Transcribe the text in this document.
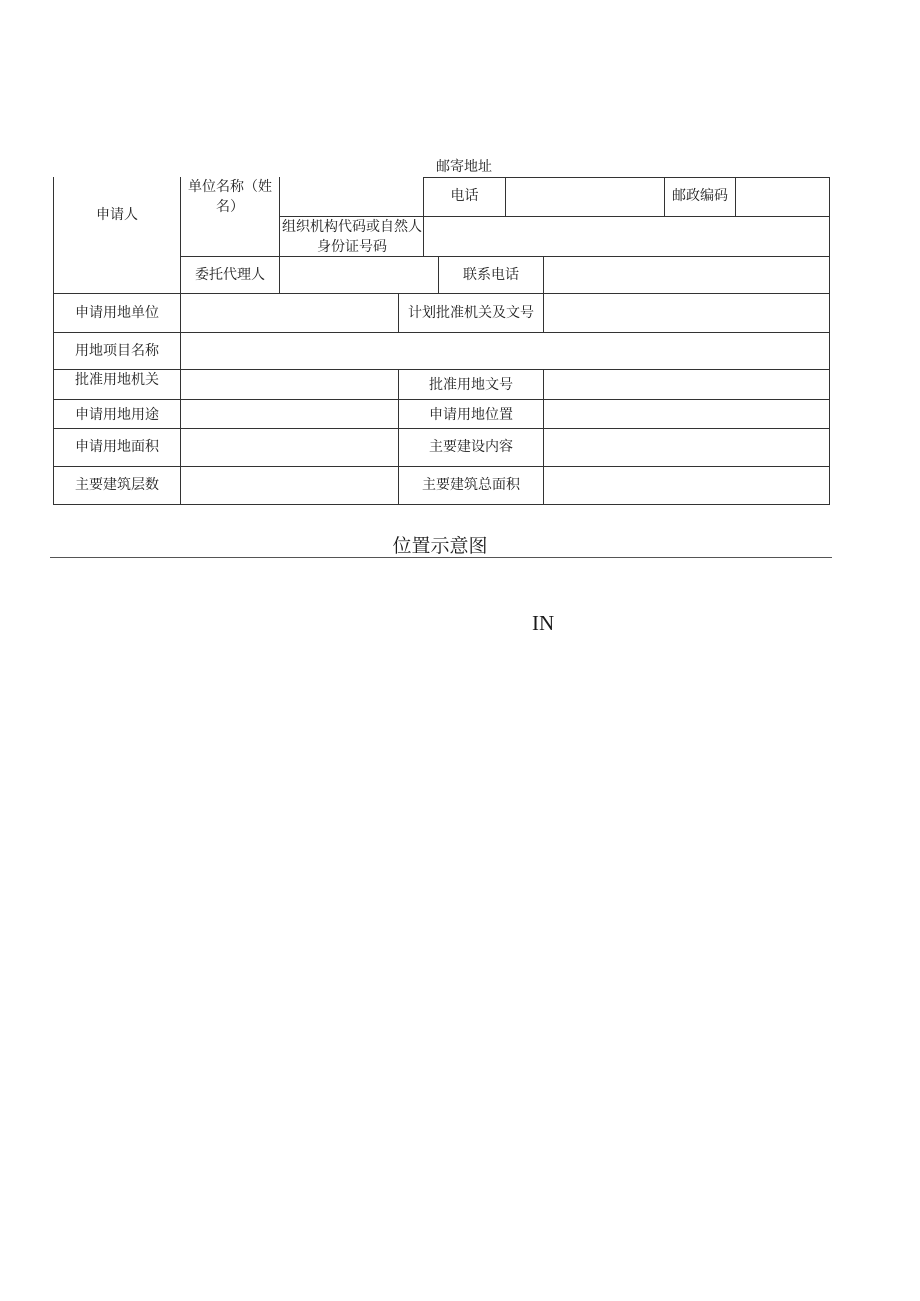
邮寄地址
申请人
单位名称（姓名）
电话	邮政编码
组织机构代码或自然人身份证号码
委托代理人	联系电话
申请用地单位	计划批准机关及文号
用地项目名称
批准用地机关	批准用地文号
申请用地用途	申请用地位置
申请用地面积	主要建设内容
主要建筑层数	主要建筑总面积
位置示意图
IN
